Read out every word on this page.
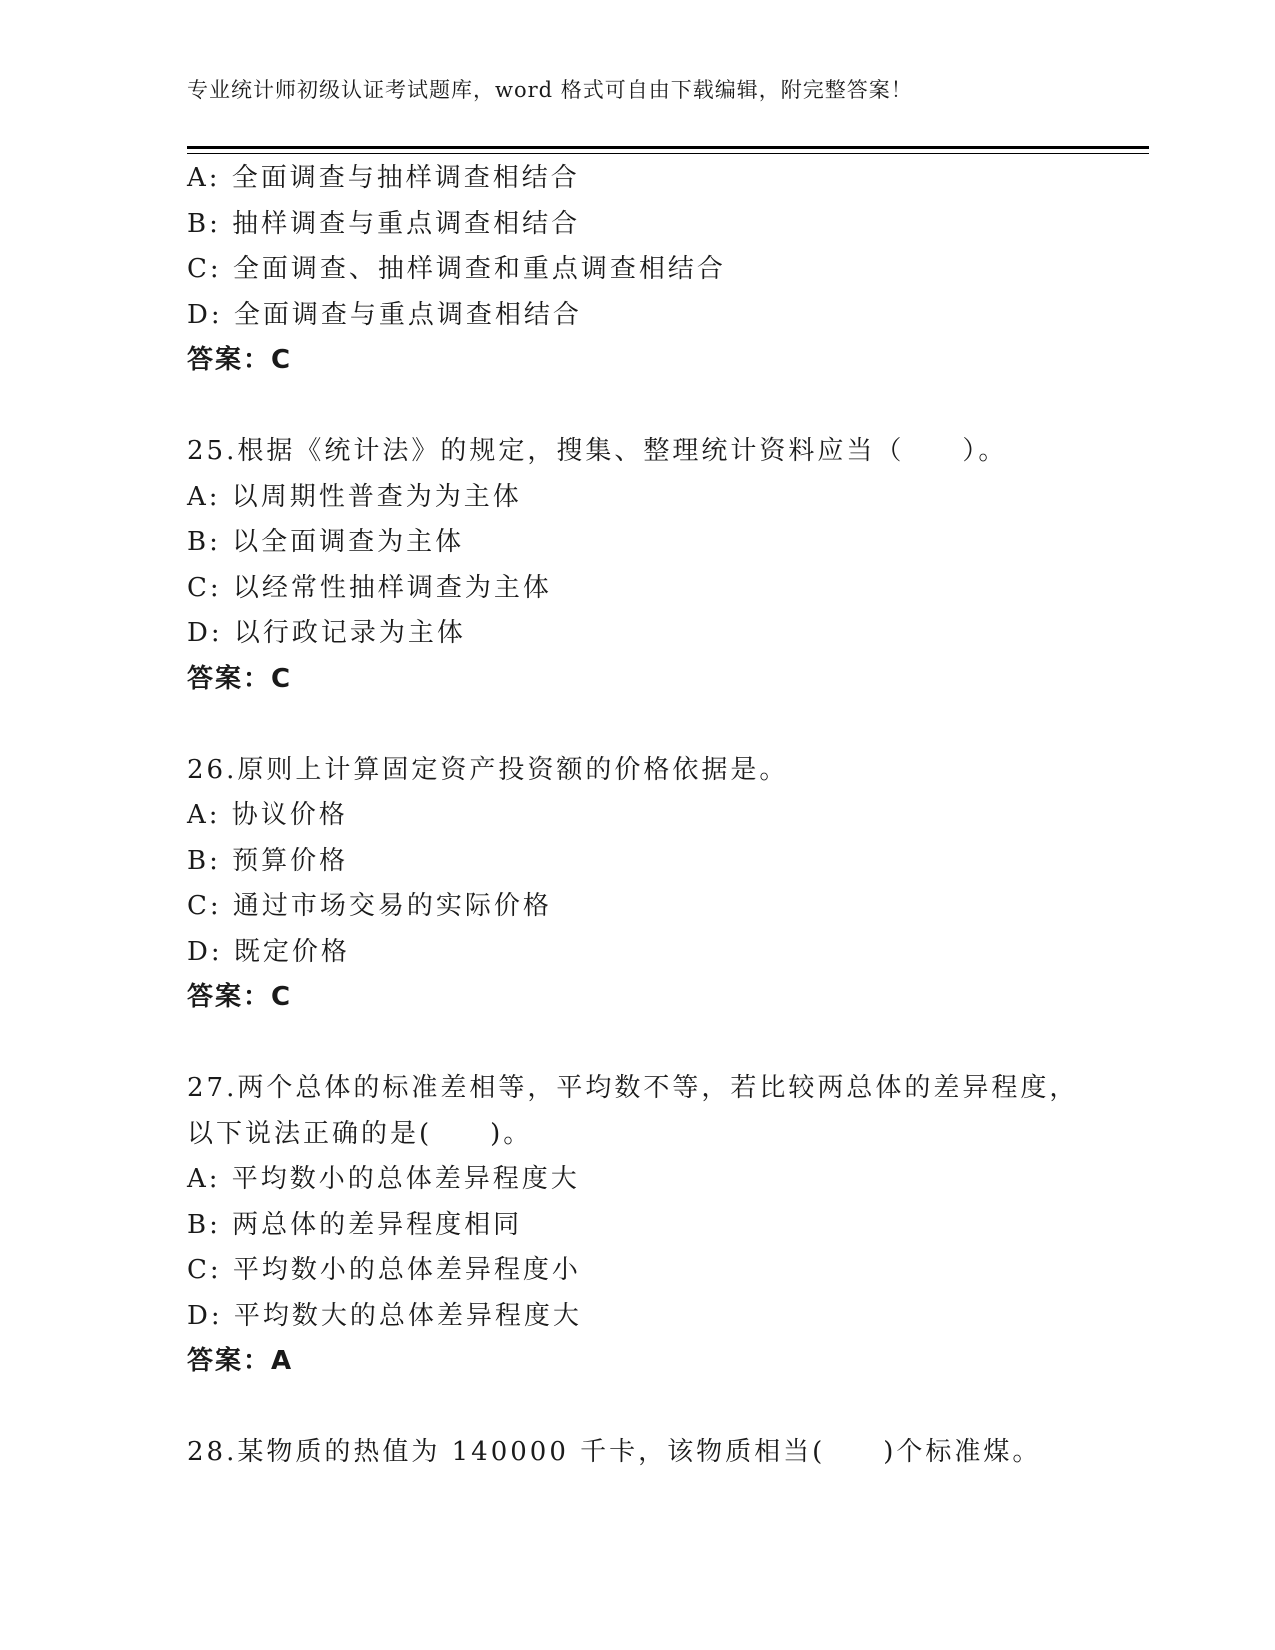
专业统计师初级认证考试题库，word 格式可自由下载编辑，附完整答案！
A: 全面调查与抽样调查相结合
B: 抽样调查与重点调查相结合
C: 全面调查、抽样调查和重点调查相结合
D: 全面调查与重点调查相结合
答案：C
25.根据《统计法》的规定，搜集、整理统计资料应当（　　）。
A: 以周期性普查为为主体
B: 以全面调查为主体
C: 以经常性抽样调查为主体
D: 以行政记录为主体
答案：C
26.原则上计算固定资产投资额的价格依据是。
A: 协议价格
B: 预算价格
C: 通过市场交易的实际价格
D: 既定价格
答案：C
27.两个总体的标准差相等，平均数不等，若比较两总体的差异程度，
以下说法正确的是(　　)。
A: 平均数小的总体差异程度大
B: 两总体的差异程度相同
C: 平均数小的总体差异程度小
D: 平均数大的总体差异程度大
答案：A
28.某物质的热值为 140000 千卡，该物质相当(　　)个标准煤。
